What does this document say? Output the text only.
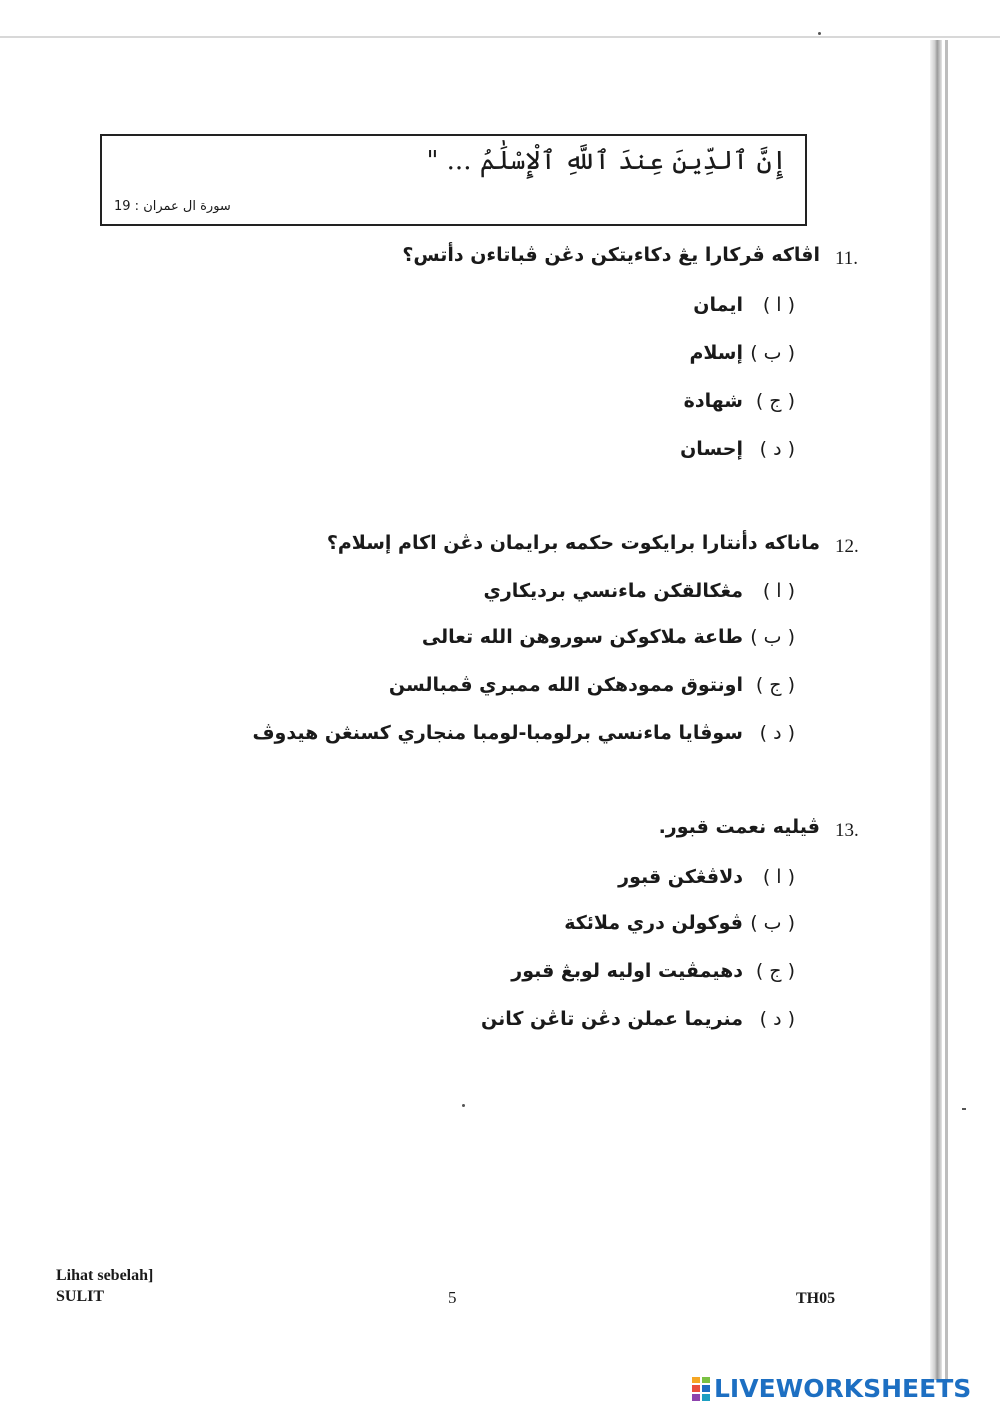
إِنَّ ٱلدِّينَ عِندَ ٱللَّهِ ٱلْإِسْلَٰمُ ... "
سورة ال عمران : 19
11.
اڤاکه ڤرکارا يڠ دکاءيتکن دڠن ڤباتاءن دأتس؟
( ا )ايمان
( ب )إسلام
( ج )شهادة
( د )إحسان
12.
ماناکه دأنتارا برايکوت حکمه برايمان دڠن اکام إسلام؟
( ا )مڠکالقکن ماءنسي برديکاري
( ب )طاعة ملاکوکن سوروهن الله تعالى
( ج )اونتوق ممودهکن الله ممبري ڤمبالسن
( د )سوڤايا ماءنسي برلومبا-لومبا منجاري کسنڠن هيدوڤ
13.
ڤيليه نعمت قبور.
( ا )دلاڤڠکن قبور
( ب )ڤوکولن دري ملائکة
( ج )دهيمڤيت اوليه لوبڠ قبور
( د )منريما عملن دڠن تاڠن کانن
Lihat sebelah]
SULIT	5	TH05
LIVEWORKSHEETS
